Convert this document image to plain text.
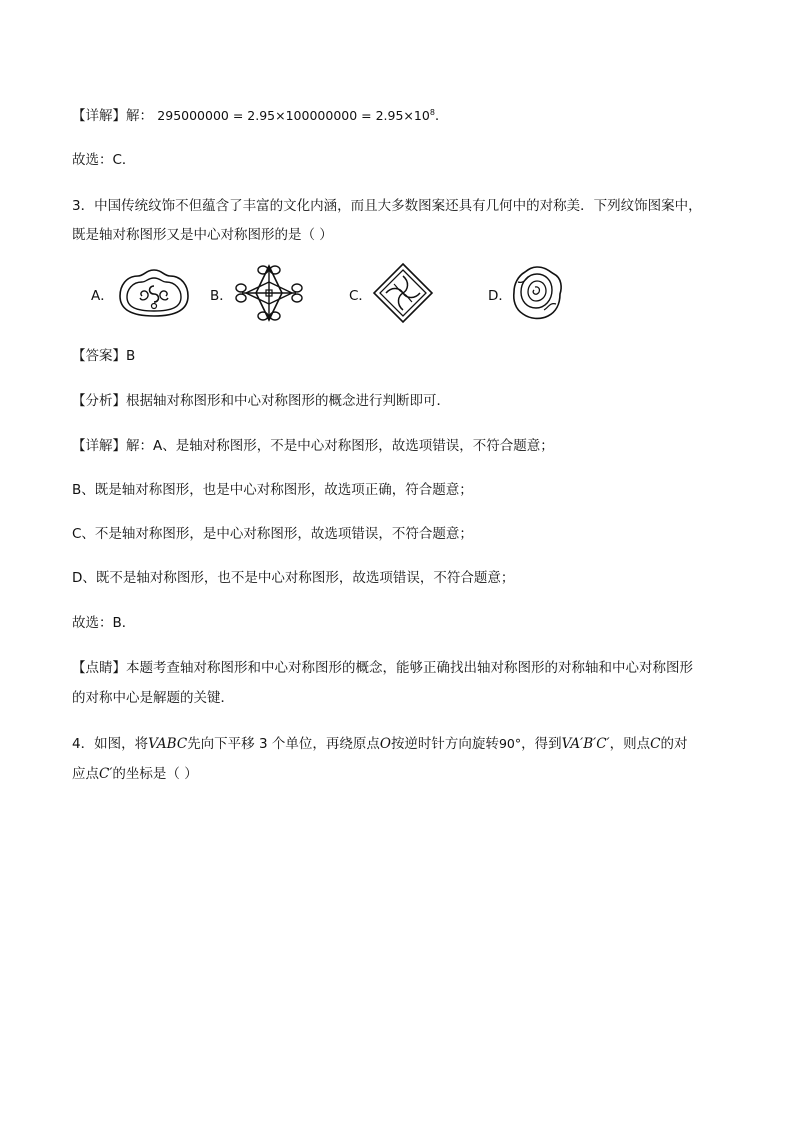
【详解】解： $295000000 = 2.95\times 100000000 = 2.95\times 10^8$.
故选：C．
3．中国传统纹饰不但蕴含了丰富的文化内涵，而且大多数图案还具有几何中的对称美．下列纹饰图案中，
既是轴对称图形又是中心对称图形的是（ ）
A．	B．	C．	D．
【答案】B
【分析】根据轴对称图形和中心对称图形的概念进行判断即可．
【详解】解：A、是轴对称图形，不是中心对称图形，故选项错误，不符合题意；
B、既是轴对称图形，也是中心对称图形，故选项正确，符合题意；
C、不是轴对称图形，是中心对称图形，故选项错误，不符合题意；
D、既不是轴对称图形，也不是中心对称图形，故选项错误，不符合题意；
故选：B．
【点睛】本题考查轴对称图形和中心对称图形的概念，能够正确找出轴对称图形的对称轴和中心对称图形
的对称中心是解题的关键．
4．如图，将VABC先向下平移 3 个单位，再绕原点O按逆时针方向旋转90°，得到VA′B′C′，则点C的对
应点C′的坐标是（ ）
